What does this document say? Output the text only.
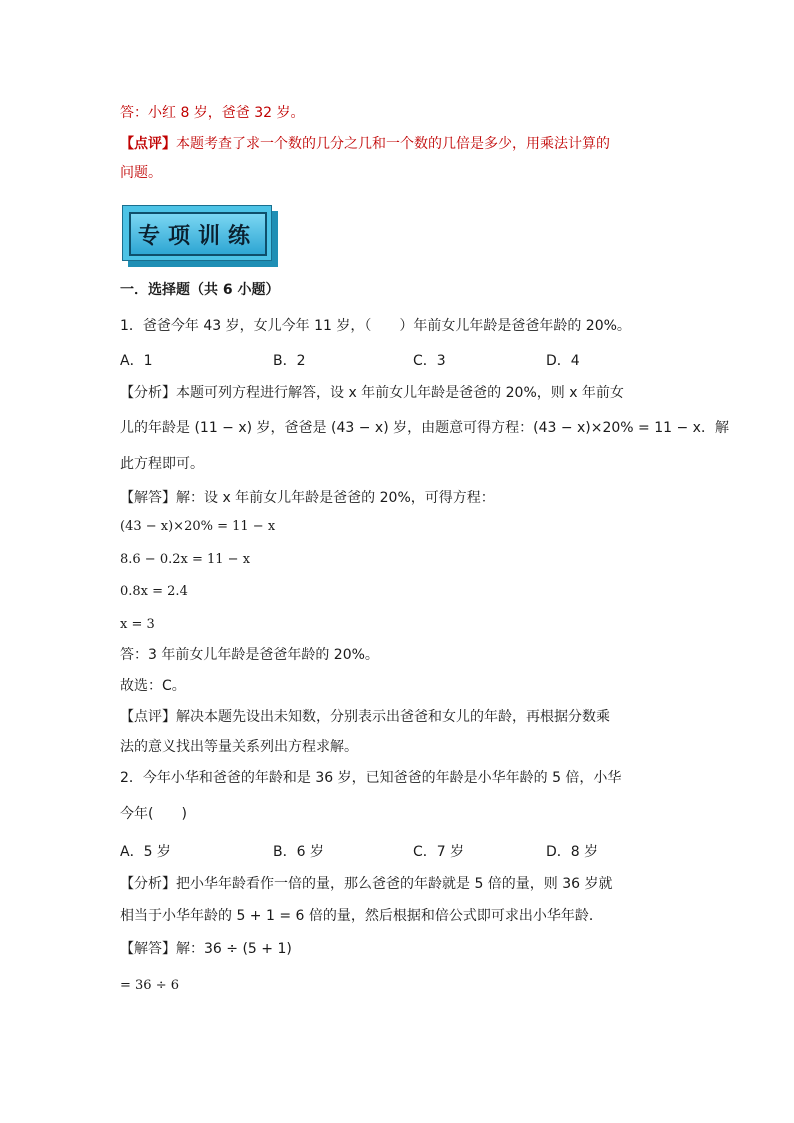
答：小红 8 岁，爸爸 32 岁。
【点评】本题考查了求一个数的几分之几和一个数的几倍是多少，用乘法计算的
问题。
专项训练
一．选择题（共 6 小题）
1．爸爸今年 43 岁，女儿今年 11 岁，（　　）年前女儿年龄是爸爸年龄的 20%。
A．1	B．2	C．3	D．4
【分析】本题可列方程进行解答，设 x 年前女儿年龄是爸爸的 20%，则 x 年前女
儿的年龄是 (11 − x) 岁，爸爸是 (43 − x) 岁，由题意可得方程：(43 − x)×20% = 11 − x．解
此方程即可。
【解答】解：设 x 年前女儿年龄是爸爸的 20%，可得方程：
(43 − x)×20% = 11 − x
8.6 − 0.2x = 11 − x
0.8x = 2.4
x = 3
答：3 年前女儿年龄是爸爸年龄的 20%。
故选：C。
【点评】解决本题先设出未知数，分别表示出爸爸和女儿的年龄，再根据分数乘
法的意义找出等量关系列出方程求解。
2．今年小华和爸爸的年龄和是 36 岁，已知爸爸的年龄是小华年龄的 5 倍，小华
今年(　　)
A．5 岁	B．6 岁	C．7 岁	D．8 岁
【分析】把小华年龄看作一倍的量，那么爸爸的年龄就是 5 倍的量，则 36 岁就
相当于小华年龄的 5 + 1 = 6 倍的量，然后根据和倍公式即可求出小华年龄．
【解答】解：36 ÷ (5 + 1)
= 36 ÷ 6
